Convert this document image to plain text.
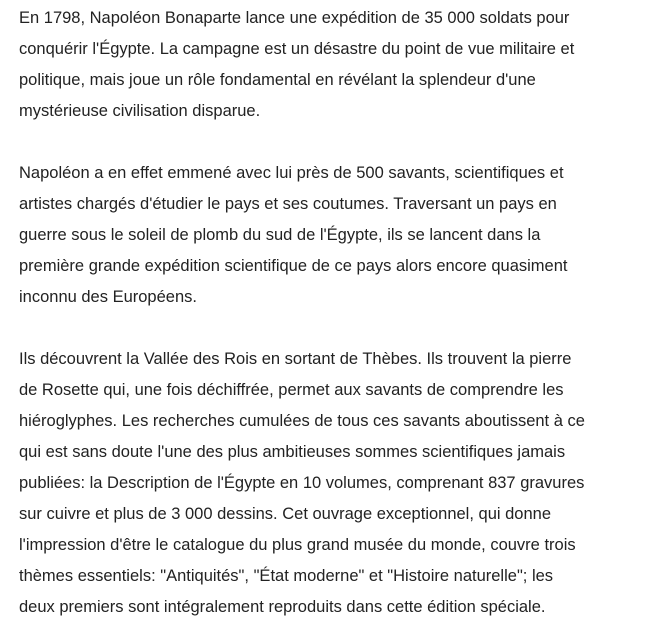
En 1798, Napoléon Bonaparte lance une expédition de 35 000 soldats pour
conquérir l'Égypte. La campagne est un désastre du point de vue militaire et
politique, mais joue un rôle fondamental en révélant la splendeur d'une
mystérieuse civilisation disparue.

Napoléon a en effet emmené avec lui près de 500 savants, scientifiques et
artistes chargés d'étudier le pays et ses coutumes. Traversant un pays en
guerre sous le soleil de plomb du sud de l'Égypte, ils se lancent dans la
première grande expédition scientifique de ce pays alors encore quasiment
inconnu des Européens.

Ils découvrent la Vallée des Rois en sortant de Thèbes. Ils trouvent la pierre
de Rosette qui, une fois déchiffrée, permet aux savants de comprendre les
hiéroglyphes. Les recherches cumulées de tous ces savants aboutissent à ce
qui est sans doute l'une des plus ambitieuses sommes scientifiques jamais
publiées: la Description de l'Égypte en 10 volumes, comprenant 837 gravures
sur cuivre et plus de 3 000 dessins. Cet ouvrage exceptionnel, qui donne
l'impression d'être le catalogue du plus grand musée du monde, couvre trois
thèmes essentiels: "Antiquités", "État moderne" et "Histoire naturelle"; les
deux premiers sont intégralement reproduits dans cette édition spéciale.
